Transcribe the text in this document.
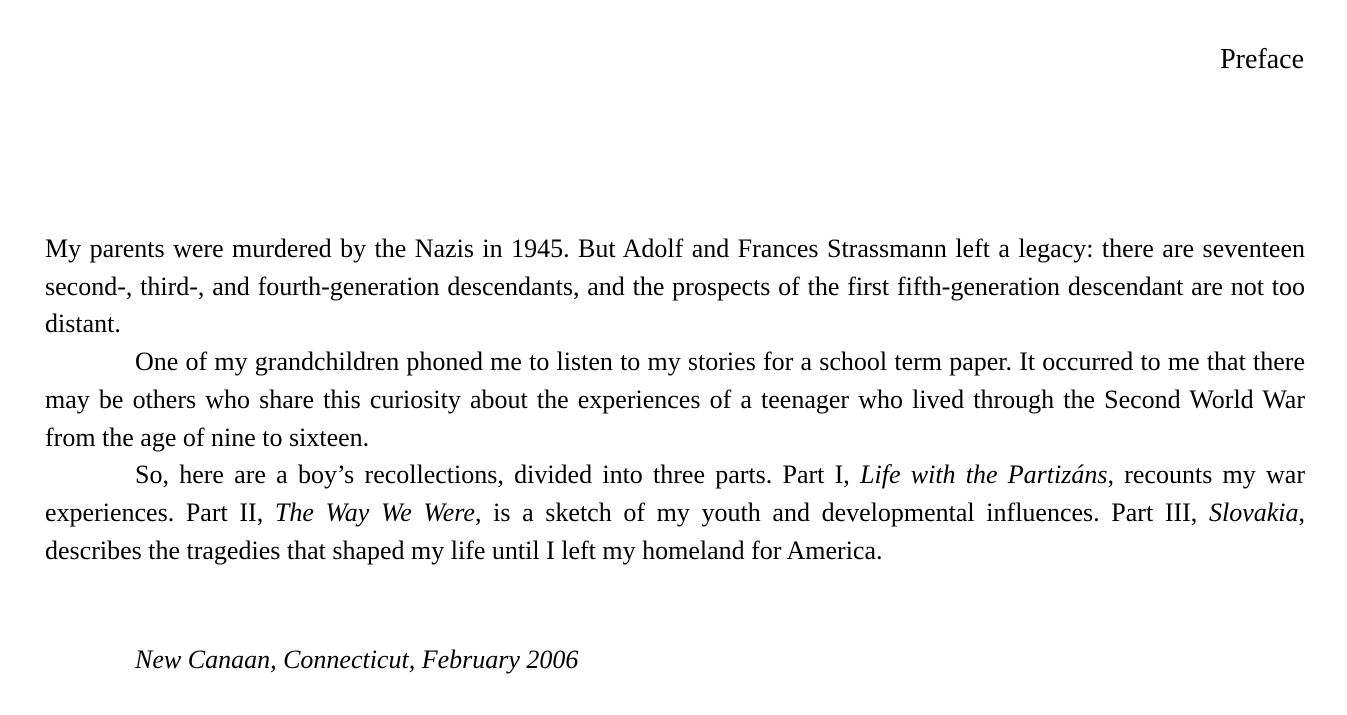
Preface

My parents were murdered by the Nazis in 1945. But Adolf and Frances Strassmann left a legacy: there are seventeen second-, third-, and fourth-generation descendants, and the prospects of the first fifth-generation descendant are not too distant.

One of my grandchildren phoned me to listen to my stories for a school term paper. It occurred to me that there may be others who share this curiosity about the experiences of a teenager who lived through the Second World War from the age of nine to sixteen.

So, here are a boy’s recollections, divided into three parts. Part I, Life with the Partizáns, recounts my war experiences. Part II, The Way We Were, is a sketch of my youth and developmental influences. Part III, Slovakia, describes the tragedies that shaped my life until I left my homeland for America.

New Canaan, Connecticut, February 2006
